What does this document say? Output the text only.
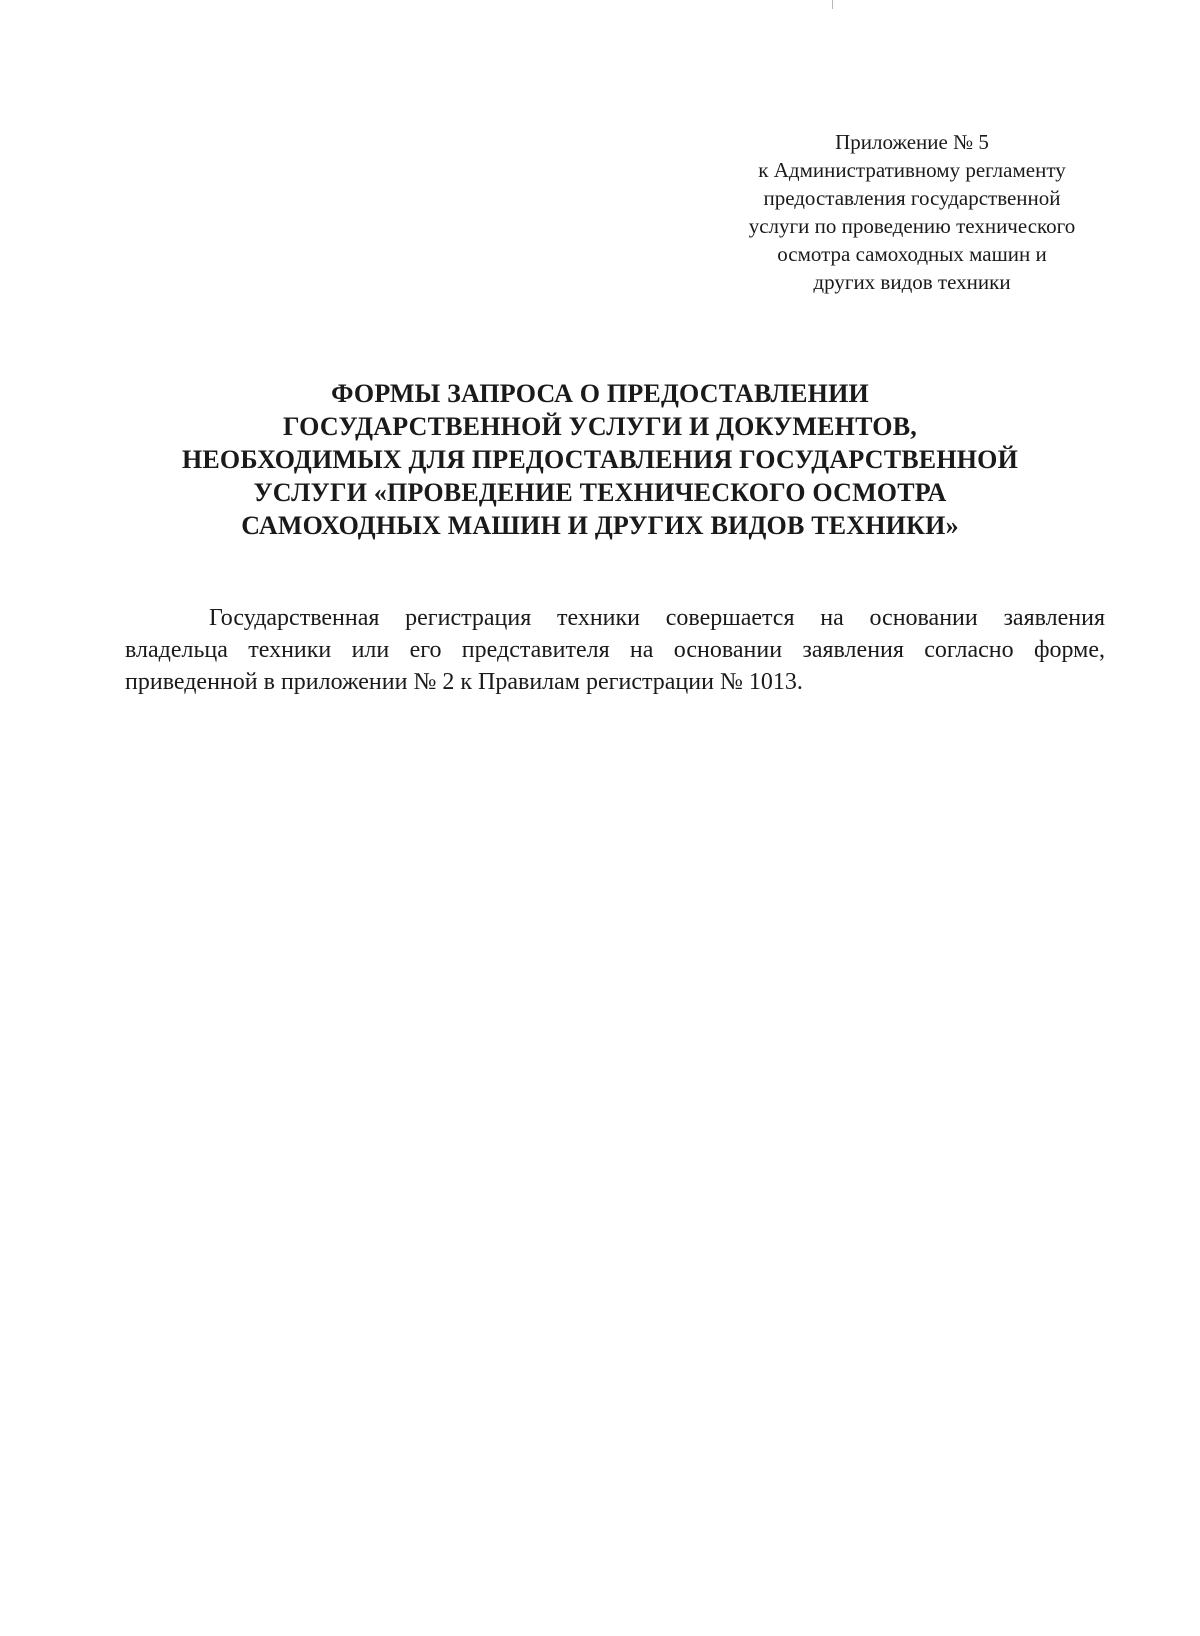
Приложение № 5
к Административному регламенту
предоставления государственной
услуги по проведению технического
осмотра самоходных машин и
других видов техники
ФОРМЫ ЗАПРОСА О ПРЕДОСТАВЛЕНИИ
ГОСУДАРСТВЕННОЙ УСЛУГИ И ДОКУМЕНТОВ,
НЕОБХОДИМЫХ ДЛЯ ПРЕДОСТАВЛЕНИЯ ГОСУДАРСТВЕННОЙ
УСЛУГИ «ПРОВЕДЕНИЕ ТЕХНИЧЕСКОГО ОСМОТРА
САМОХОДНЫХ МАШИН И ДРУГИХ ВИДОВ ТЕХНИКИ»
Государственная регистрация техники совершается на основании заявления
владельца техники или его представителя на основании заявления согласно форме,
приведенной в приложении № 2 к Правилам регистрации № 1013.
